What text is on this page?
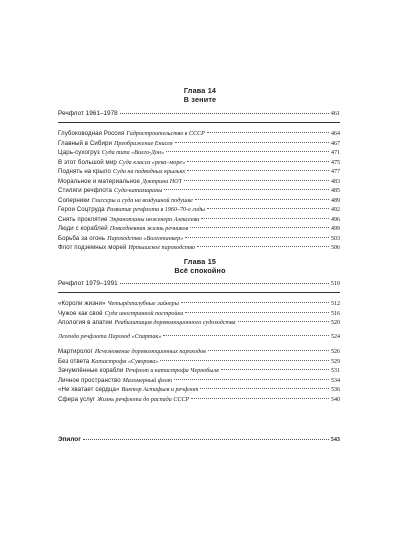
Глава 14
В зените
Речфлот 1961–1978	461
Глубоководная Россия Гидростроительство в СССР	464
Главный в Сибири Преображение Енисея	467
Царь-сухогруз Суда типа «Волго-Дон»	471
В этот большой мир Суда класса «река–море»	475
Поднять на крыло Суда на подводных крыльях	477
Моральное и материальное Доктрина НОТ	483
Стиляги речфлота Суда-катамараны	485
Соперники Глиссеры и суда на воздушной подушке	489
Герои Соцтруда Развитие речфлота в 1960–70-е годы	492
Снять проклятие Экранопланы инженера Алексеева	496
Люди с кораблей Повседневная жизнь речников	499
Борьба за огонь Пароходство «Волготанкер»	503
Флот подземных морей Иртышское пароходство	506
Глава 15
Всё спокойно
Речфлот 1979–1991	510
«Короли жизни» Четырёхпалубные лайнеры	512
Чужое как своё Суда иностранной постройки	516
Апология в апатии Реабилитация дореволюционного судоходства	520
Легенда речфлота Пароход «Спартак»	524
Мартиролог Исчезновение дореволюционных пароходов	526
Без ответа Катастрофа «Суворова»	529
Зачумлённые корабли Речфлот и катастрофа Чернобыля	531
Личное пространство Маломерный флот	534
«Не хватает сердца» Виктор Астафьев и речфлот	536
Сфера услуг Жизнь речфлота до распада СССР	540
Эпилог	543
